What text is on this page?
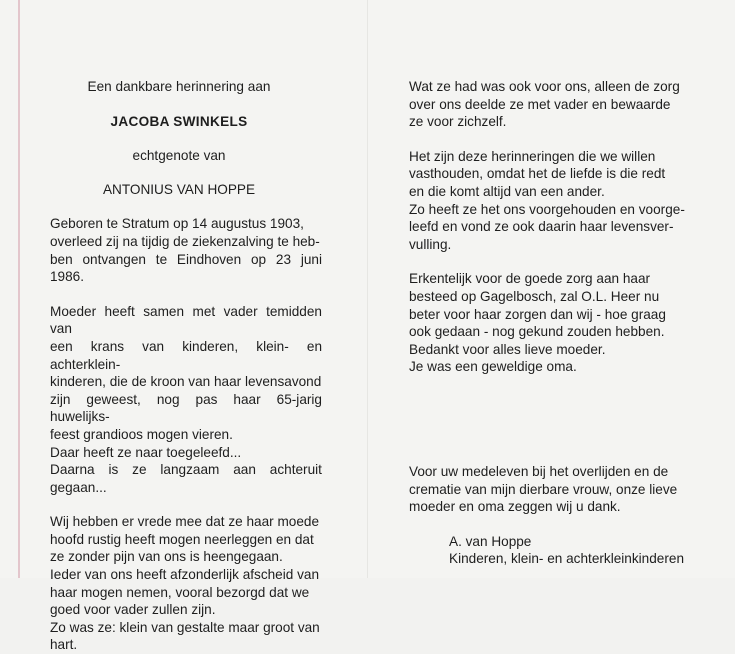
Een dankbare herinnering aan

JACOBA SWINKELS

echtgenote van

ANTONIUS VAN HOPPE

Geboren te Stratum op 14 augustus 1903,

overleed zij na tijdig de ziekenzalving te heb-

ben ontvangen te Eindhoven op 23 juni 1986.

Moeder heeft samen met vader temidden van

een krans van kinderen, klein- en achterklein-

kinderen, die de kroon van haar levensavond

zijn geweest, nog pas haar 65-jarig huwelijks-

feest grandioos mogen vieren.

Daar heeft ze naar toegeleefd...

Daarna is ze langzaam aan achteruit

gegaan...

Wij hebben er vrede mee dat ze haar moede

hoofd rustig heeft mogen neerleggen en dat

ze zonder pijn van ons is heengegaan.

Ieder van ons heeft afzonderlijk afscheid van

haar mogen nemen, vooral bezorgd dat we

goed voor vader zullen zijn.

Zo was ze: klein van gestalte maar groot van

hart.

Wat ze had was ook voor ons, alleen de zorg

over ons deelde ze met vader en bewaarde

ze voor zichzelf.

Het zijn deze herinneringen die we willen

vasthouden, omdat het de liefde is die redt

en die komt altijd van een ander.

Zo heeft ze het ons voorgehouden en voorge-

leefd en vond ze ook daarin haar levensver-

vulling.

Erkentelijk voor de goede zorg aan haar

besteed op Gagelbosch, zal O.L. Heer nu

beter voor haar zorgen dan wij - hoe graag

ook gedaan - nog gekund zouden hebben.

Bedankt voor alles lieve moeder.

Je was een geweldige oma.

Voor uw medeleven bij het overlijden en de

crematie van mijn dierbare vrouw, onze lieve

moeder en oma zeggen wij u dank.

A. van Hoppe

Kinderen, klein- en achterkleinkinderen
